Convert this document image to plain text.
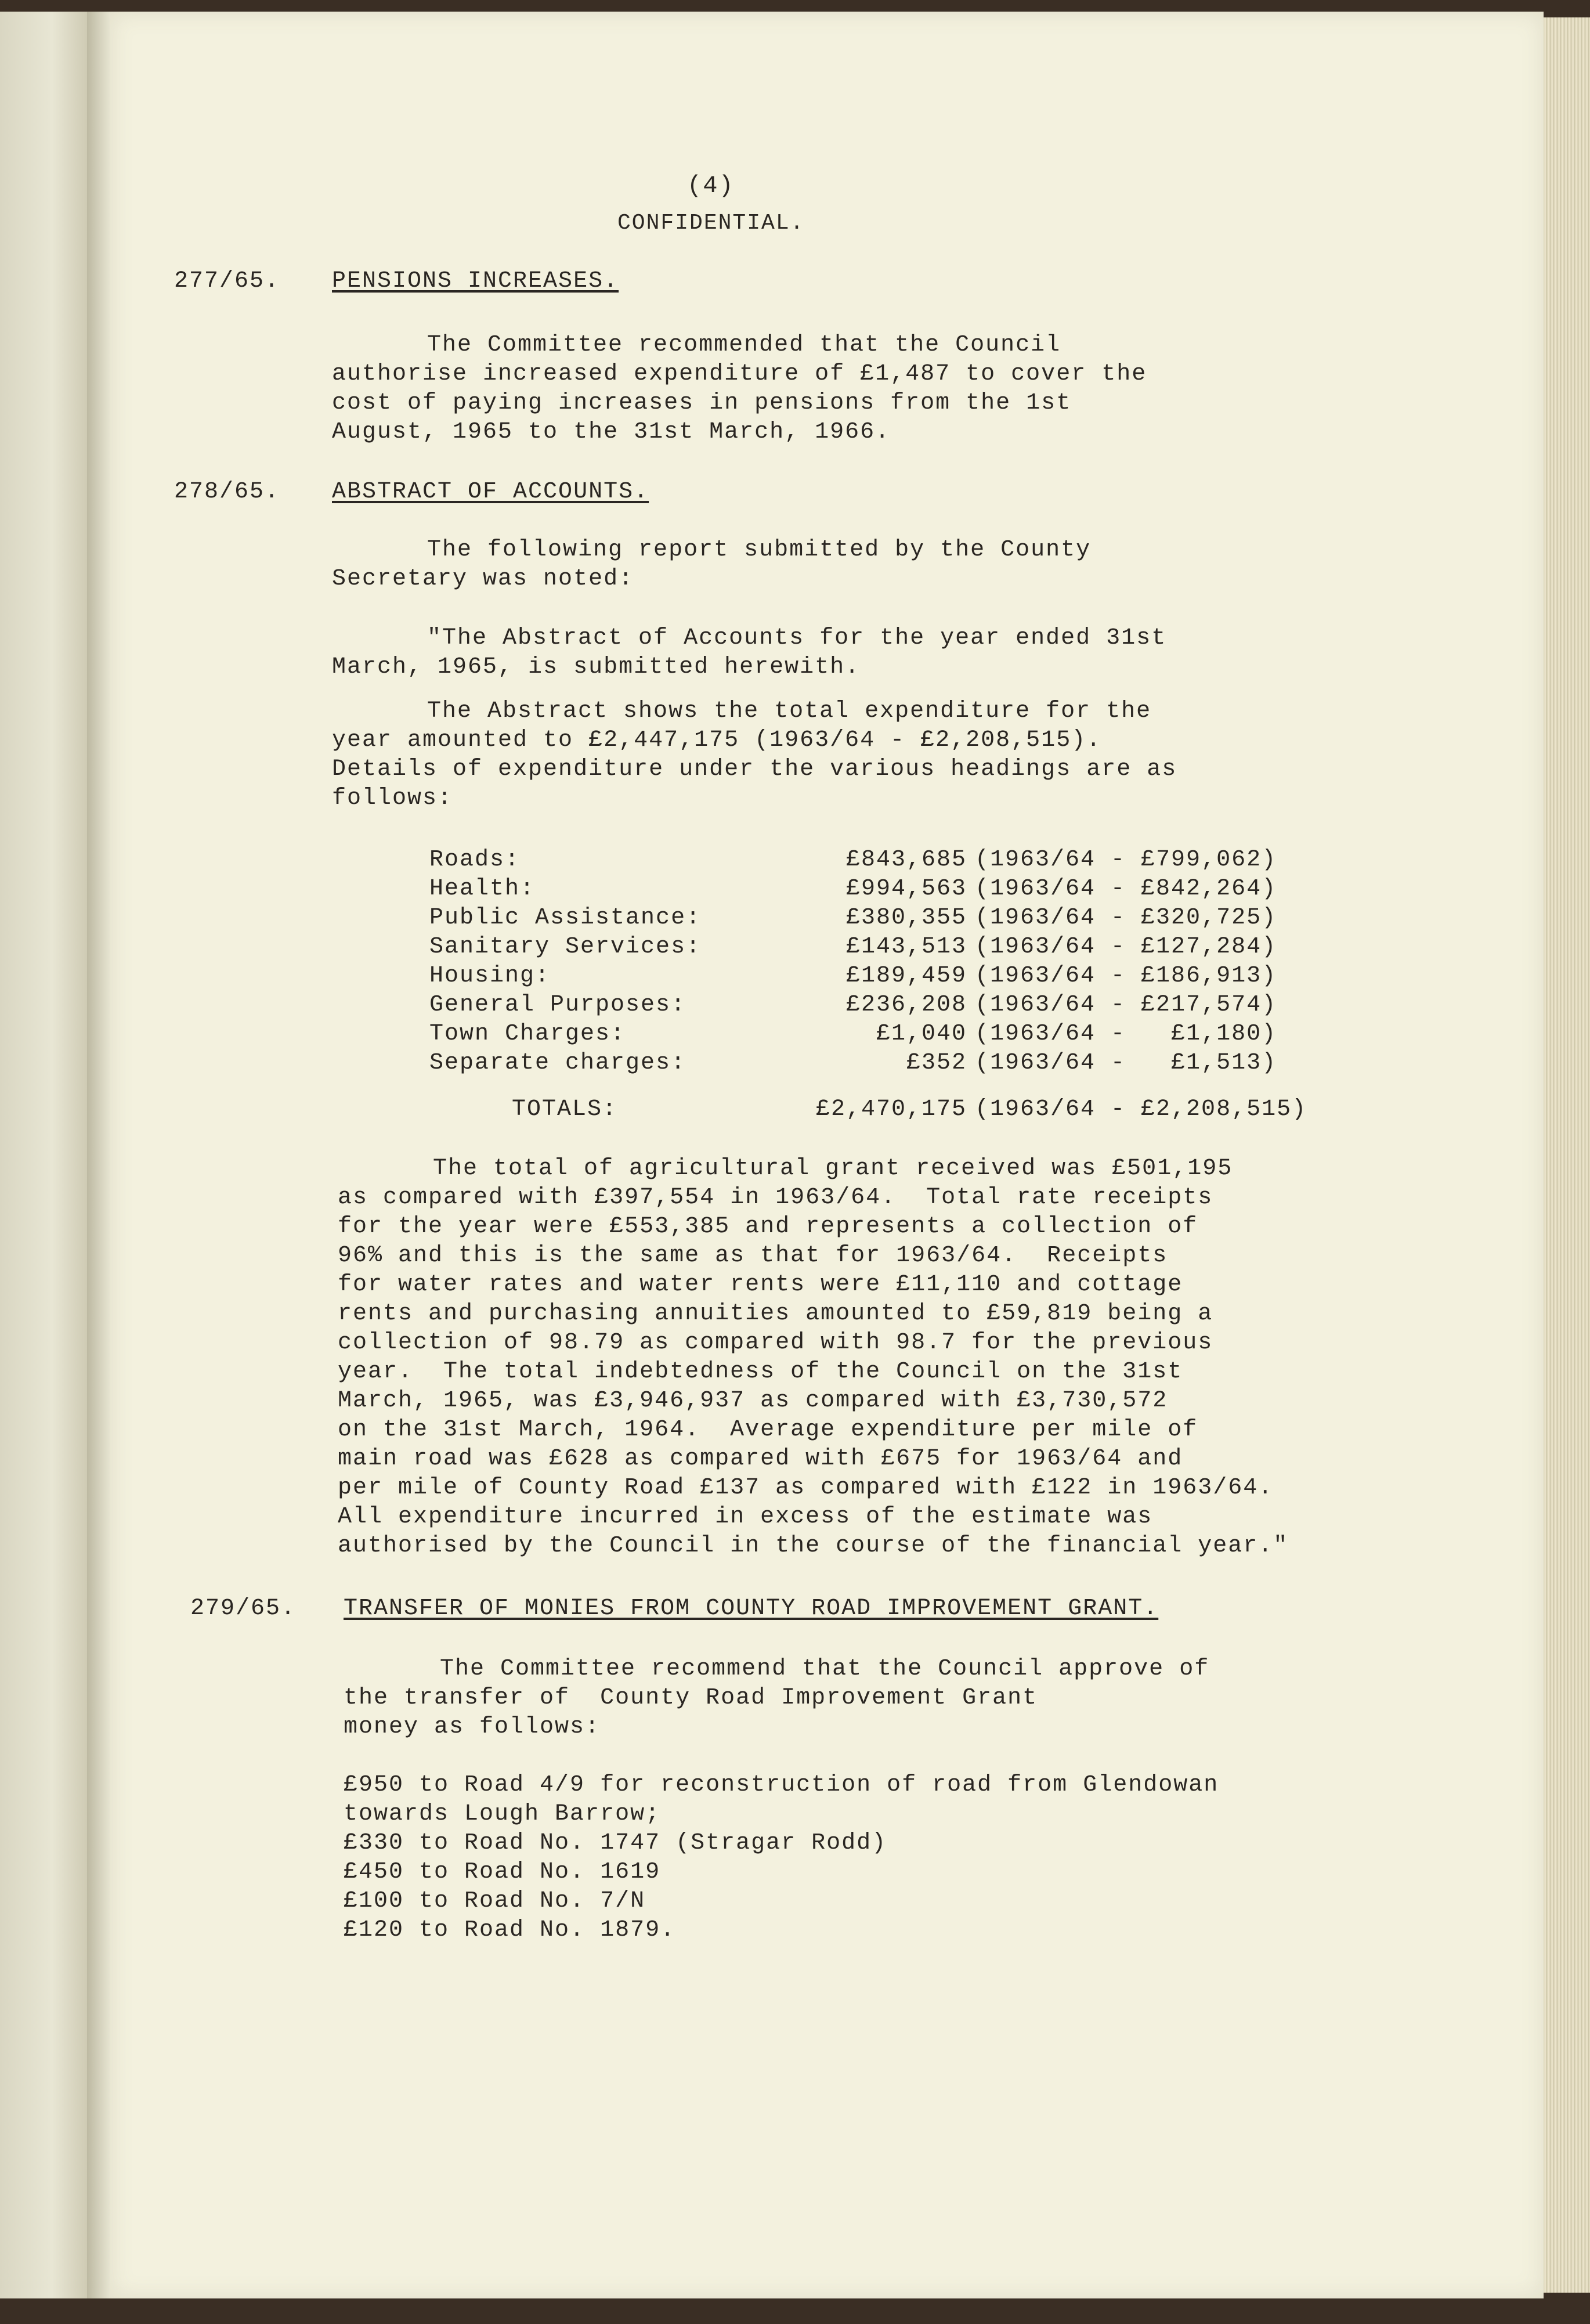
(4)
CONFIDENTIAL.
277/65. PENSIONS INCREASES.
The Committee recommended that the Council
authorise increased expenditure of £1,487 to cover the
cost of paying increases in pensions from the 1st
August, 1965 to the 31st March, 1966.
278/65. ABSTRACT OF ACCOUNTS.
The following report submitted by the County
Secretary was noted:
"The Abstract of Accounts for the year ended 31st
March, 1965, is submitted herewith.
The Abstract shows the total expenditure for the
year amounted to £2,447,175 (1963/64 - £2,208,515).
Details of expenditure under the various headings are as
follows:
Roads:	£843,685 (1963/64 - £799,062)
Health:	£994,563 (1963/64 - £842,264)
Public Assistance:	£380,355 (1963/64 - £320,725)
Sanitary Services:	£143,513 (1963/64 - £127,284)
Housing:	£189,459 (1963/64 - £186,913)
General Purposes:	£236,208 (1963/64 - £217,574)
Town Charges:	£1,040 (1963/64 -   £1,180)
Separate charges:	£352 (1963/64 -   £1,513)
TOTALS:	£2,470,175 (1963/64 - £2,208,515)
The total of agricultural grant received was £501,195
as compared with £397,554 in 1963/64.  Total rate receipts
for the year were £553,385 and represents a collection of
96% and this is the same as that for 1963/64.  Receipts
for water rates and water rents were £11,110 and cottage
rents and purchasing annuities amounted to £59,819 being a
collection of 98.79 as compared with 98.7 for the previous
year.  The total indebtedness of the Council on the 31st
March, 1965, was £3,946,937 as compared with £3,730,572
on the 31st March, 1964.  Average expenditure per mile of
main road was £628 as compared with £675 for 1963/64 and
per mile of County Road £137 as compared with £122 in 1963/64.
All expenditure incurred in excess of the estimate was
authorised by the Council in the course of the financial year."
279/65. TRANSFER OF MONIES FROM COUNTY ROAD IMPROVEMENT GRANT.
The Committee recommend that the Council approve of
the transfer of  County Road Improvement Grant
money as follows:
£950 to Road 4/9 for reconstruction of road from Glendowan
towards Lough Barrow;
£330 to Road No. 1747 (Stragar Rodd)
£450 to Road No. 1619
£100 to Road No. 7/N
£120 to Road No. 1879.
